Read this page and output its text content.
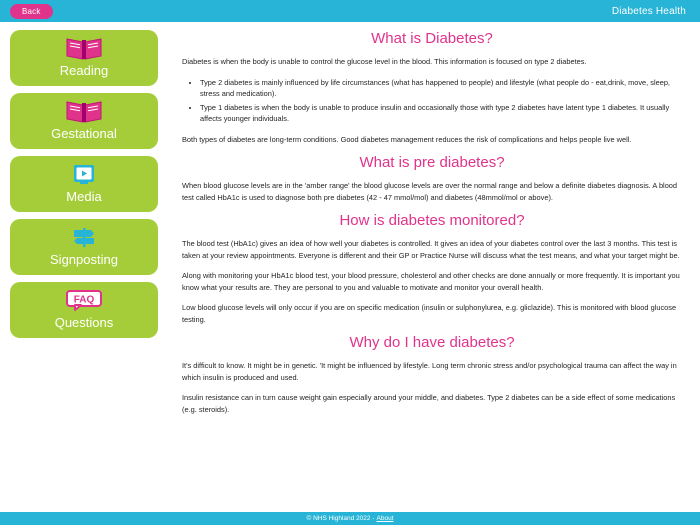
Back	Diabetes Health
Reading
Gestational
Media
Signposting
FAQ
Questions
What is Diabetes?

Diabetes is when the body is unable to control the glucose level in the blood. This information is focused on type 2 diabetes.

• Type 2 diabetes is mainly influenced by life circumstances (what has happened to people) and lifestyle (what people do - eat,drink, move, sleep, stress and medication).
• Type 1 diabetes is when the body is unable to produce insulin and occasionally those with type 2 diabetes have latent type 1 diabetes. It usually affects younger individuals.

Both types of diabetes are long-term conditions. Good diabetes management reduces the risk of complications and helps people live well.

What is pre diabetes?

When blood glucose levels are in the 'amber range' the blood glucose levels are over the normal range and below a definite diabetes diagnosis. A blood test called HbA1c is used to diagnose both pre diabetes (42 - 47 mmol/mol) and diabetes (48mmol/mol or above).

How is diabetes monitored?

The blood test (HbA1c) gives an idea of how well your diabetes is controlled. It gives an idea of your diabetes control over the last 3 months. This test is taken at your review appointments. Everyone is different and their GP or Practice Nurse will discuss what the test means, and what your target might be.

Along with monitoring your HbA1c blood test, your blood pressure, cholesterol and other checks are done annually or more frequently. It is important you know what your results are. They are personal to you and valuable to motivate and monitor your overall health.

Low blood glucose levels will only occur if you are on specific medication (insulin or sulphonylurea, e.g. gliclazide). This is monitored with blood glucose testing.

Why do I have diabetes?

It's difficult to know. It might be in genetic. 'It might be influenced by lifestyle. Long term chronic stress and/or psychological trauma can affect the way in which insulin is produced and used.

Insulin resistance can in turn cause weight gain especially around your middle, and diabetes. Type 2 diabetes can be a side effect of some medications (e.g. steroids).

© NHS Highland 2022 - About
